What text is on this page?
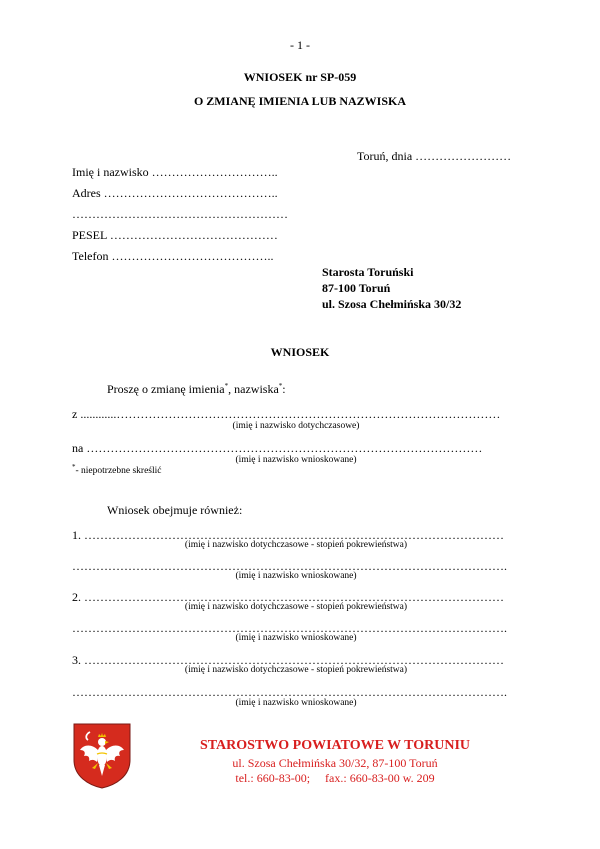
- 1 -
WNIOSEK nr SP-059
O ZMIANĘ IMIENIA LUB NAZWISKA
Toruń, dnia ……………………
Imię i nazwisko …………………………..
Adres ……………………………………..
………………………………………………
PESEL ……………………………………
Telefon …………………………………..
Starosta Toruński
87-100 Toruń
ul. Szosa Chełmińska 30/32
WNIOSEK
Proszę o zmianę imienia*, nazwiska*:
z ............……………………………………………………………………………………
(imię i nazwisko dotychczasowe)
na ………………………………………………………………………………………
(imię i nazwisko wnioskowane)
*- niepotrzebne skreślić
Wniosek obejmuje również:
1. ……………………………………………………………………………………………
(imię i nazwisko dotychczasowe - stopień pokrewieństwa)
……………………………………………………………………………………………….
(imię i nazwisko wnioskowane)
2. ……………………………………………………………………………………………
(imię i nazwisko dotychczasowe - stopień pokrewieństwa)
……………………………………………………………………………………………….
(imię i nazwisko wnioskowane)
3. ……………………………………………………………………………………………
(imię i nazwisko dotychczasowe - stopień pokrewieństwa)
……………………………………………………………………………………………….
(imię i nazwisko wnioskowane)
STAROSTWO POWIATOWE W TORUNIU
ul. Szosa Chełmińska 30/32, 87-100 Toruń
tel.: 660-83-00;     fax.: 660-83-00 w. 209
